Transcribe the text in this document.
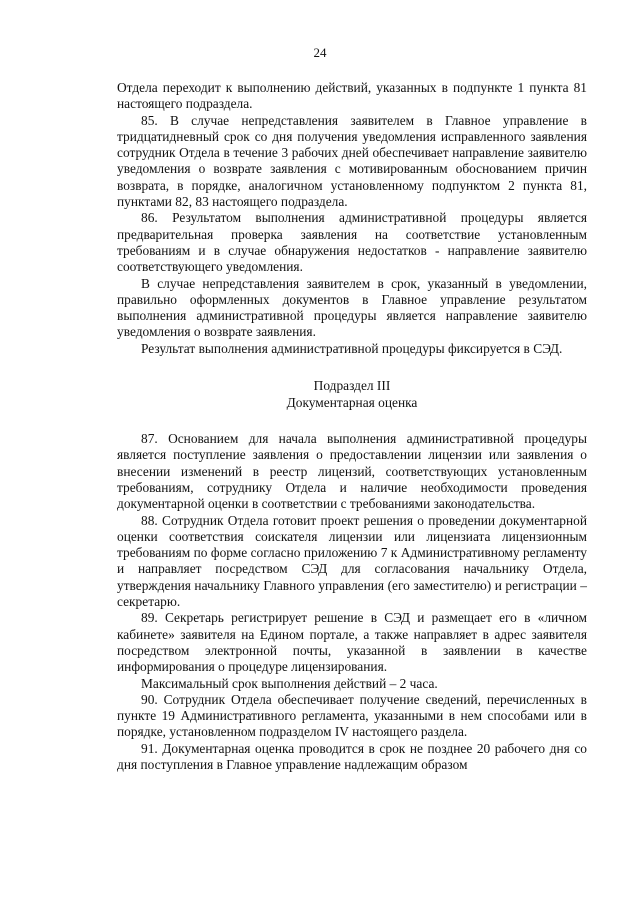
24

Отдела переходит к выполнению действий, указанных в подпункте 1 пункта 81 настоящего подраздела.

85. В случае непредставления заявителем в Главное управление в тридцатидневный срок со дня получения уведомления исправленного заявления сотрудник Отдела в течение 3 рабочих дней обеспечивает направление заявителю уведомления о возврате заявления с мотивированным обоснованием причин возврата, в порядке, аналогичном установленному подпунктом 2 пункта 81, пунктами 82, 83 настоящего подраздела.

86. Результатом выполнения административной процедуры является предварительная проверка заявления на соответствие установленным требованиям и в случае обнаружения недостатков - направление заявителю соответствующего уведомления.

В случае непредставления заявителем в срок, указанный в уведомлении, правильно оформленных документов в Главное управление результатом выполнения административной процедуры является направление заявителю уведомления о возврате заявления.

Результат выполнения административной процедуры фиксируется в СЭД.

Подраздел III
Документарная оценка

87. Основанием для начала выполнения административной процедуры является поступление заявления о предоставлении лицензии или заявления о внесении изменений в реестр лицензий, соответствующих установленным требованиям, сотруднику Отдела и наличие необходимости проведения документарной оценки в соответствии с требованиями законодательства.

88. Сотрудник Отдела готовит проект решения о проведении документарной оценки соответствия соискателя лицензии или лицензиата лицензионным требованиям по форме согласно приложению 7 к Административному регламенту и направляет посредством СЭД для согласования начальнику Отдела, утверждения начальнику Главного управления (его заместителю) и регистрации – секретарю.

89. Секретарь регистрирует решение в СЭД и размещает его в «личном кабинете» заявителя на Едином портале, а также направляет в адрес заявителя посредством электронной почты, указанной в заявлении в качестве информирования о процедуре лицензирования.

Максимальный срок выполнения действий – 2 часа.

90. Сотрудник Отдела обеспечивает получение сведений, перечисленных в пункте 19 Административного регламента, указанными в нем способами или в порядке, установленном подразделом IV настоящего раздела.

91. Документарная оценка проводится в срок не позднее 20 рабочего дня со дня поступления в Главное управление надлежащим образом
